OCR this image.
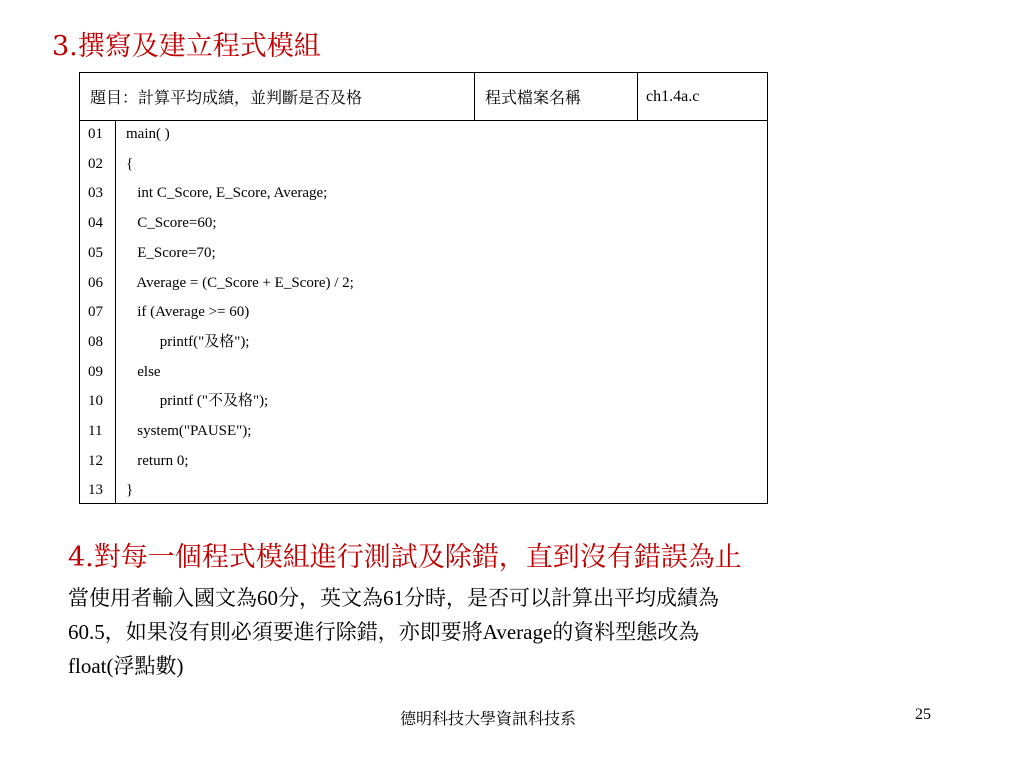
3.撰寫及建立程式模組
題目：計算平均成績，並判斷是否及格	程式檔案名稱	ch1.4a.c
01 main( )
02 {
03 int C_Score, E_Score, Average;
04 C_Score=60;
05 E_Score=70;
06 Average = (C_Score + E_Score) / 2;
07 if (Average >= 60)
08 printf("及格");
09 else
10 printf ("不及格");
11 system("PAUSE");
12 return 0;
13 }
4.對每一個程式模組進行測試及除錯，直到沒有錯誤為止
當使用者輸入國文為60分，英文為61分時，是否可以計算出平均成績為
60.5，如果沒有則必須要進行除錯，亦即要將Average的資料型態改為
float(浮點數)
德明科技大學資訊科技系	25
